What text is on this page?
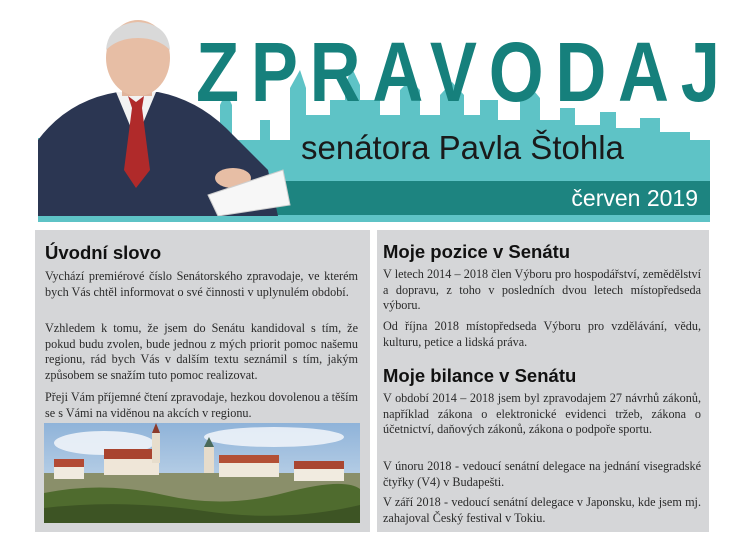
ZPRAVODAJ
senátora Pavla Štohla
červen 2019
Úvodní slovo

Vychází premiérové číslo Senátorského zpravodaje, ve kterém bych Vás chtěl informovat o své činnosti v uplynulém období.

Vzhledem k tomu, že jsem do Senátu kandidoval s tím, že pokud budu zvolen, bude jednou z mých priorit pomoc našemu regionu, rád bych Vás v dalším textu seznámil s tím, jakým způsobem se snažím tuto pomoc realizovat.

Přeji Vám příjemné čtení zpravodaje, hezkou dovolenou a těším se s Vámi na viděnou na akcích v regionu.

Moje pozice v Senátu

V letech 2014 – 2018 člen Výboru pro hospodářství, zemědělství a dopravu, z toho v posledních dvou letech místopředseda výboru.

Od října 2018 místopředseda Výboru pro vzdělávání, vědu, kulturu, petice a lidská práva.

Moje bilance v Senátu

V období 2014 – 2018 jsem byl zpravodajem 27 návrhů zákonů, například zákona o elektronické evidenci tržeb, zákona o účetnictví, daňových zákonů, zákona o podpoře sportu.

V únoru 2018 - vedoucí senátní delegace na jednání visegradské čtyřky (V4) v Budapešti.

V září 2018 - vedoucí senátní delegace v Japonsku, kde jsem mj. zahajoval Český festival v Tokiu.
